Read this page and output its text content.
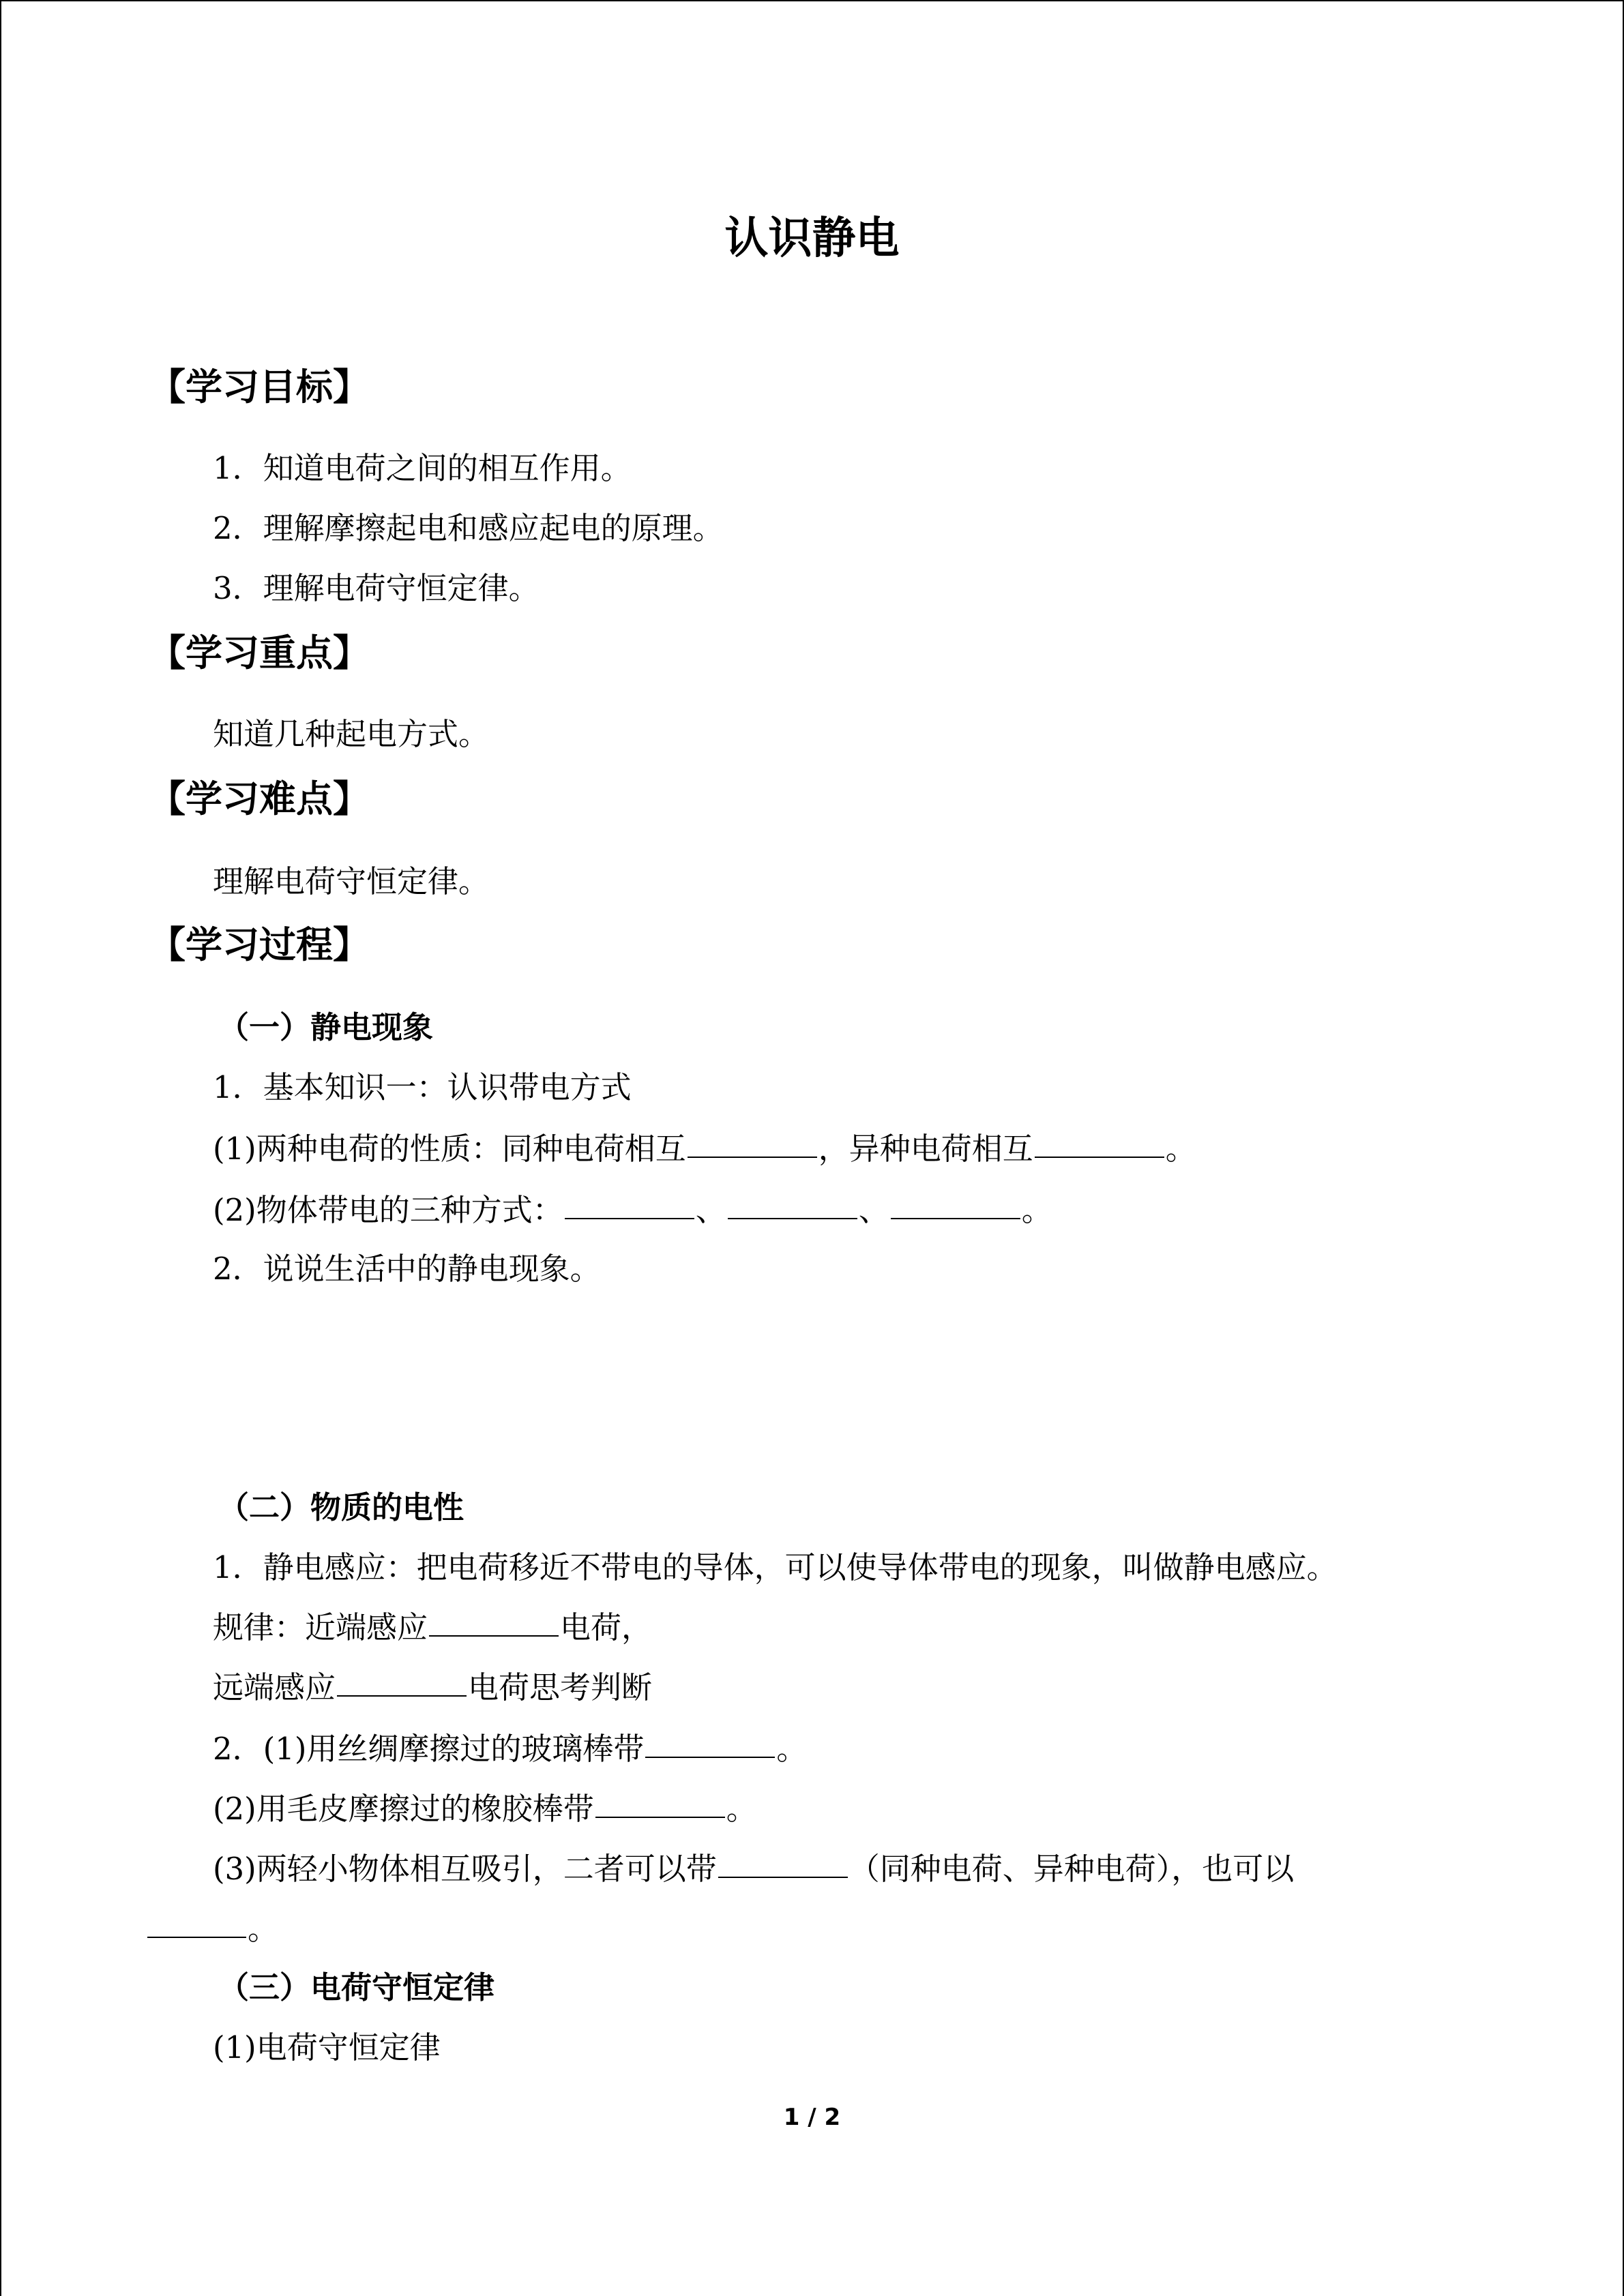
认识静电
【学习目标】
1．知道电荷之间的相互作用。
2．理解摩擦起电和感应起电的原理。
3．理解电荷守恒定律。
【学习重点】
知道几种起电方式。
【学习难点】
理解电荷守恒定律。
【学习过程】
（一）静电现象
1．基本知识一：认识带电方式
(1)两种电荷的性质：同种电荷相互	，异种电荷相互	。
(2)物体带电的三种方式：	、	、	。
2．说说生活中的静电现象。
（二）物质的电性
1．静电感应：把电荷移近不带电的导体，可以使导体带电的现象，叫做静电感应。
规律：近端感应	电荷，
远端感应	电荷思考判断
2．(1)用丝绸摩擦过的玻璃棒带	。
(2)用毛皮摩擦过的橡胶棒带	。
(3)两轻小物体相互吸引，二者可以带	（同种电荷、异种电荷），也可以
。
（三）电荷守恒定律
(1)电荷守恒定律
1 / 2
